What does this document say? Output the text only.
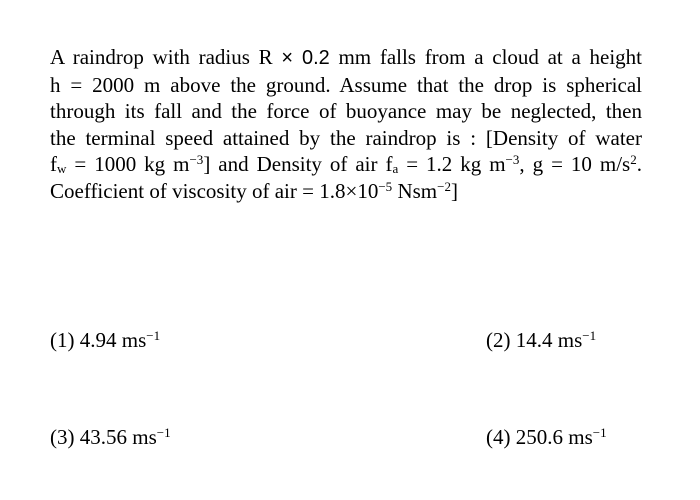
A raindrop with radius R × 0.2 mm falls from a cloud at a height
h = 2000 m above the ground. Assume that the drop is spherical
through its fall and the force of buoyance may be neglected, then
the terminal speed attained by the raindrop is : [Density of water
$f_w = 1000$ kg $m^{-3}$] and Density of air $f_a = 1.2$ kg $m^{-3}$, g = 10 $m/s^2$.
Coefficient of viscosity of air = $1.8\times 10^{-5}$ Nsm$^{-2}$]
(1) 4.94 $ms^{-1}$	(2) 14.4 $ms^{-1}$
(3) 43.56 $ms^{-1}$	(4) 250.6 $ms^{-1}$
